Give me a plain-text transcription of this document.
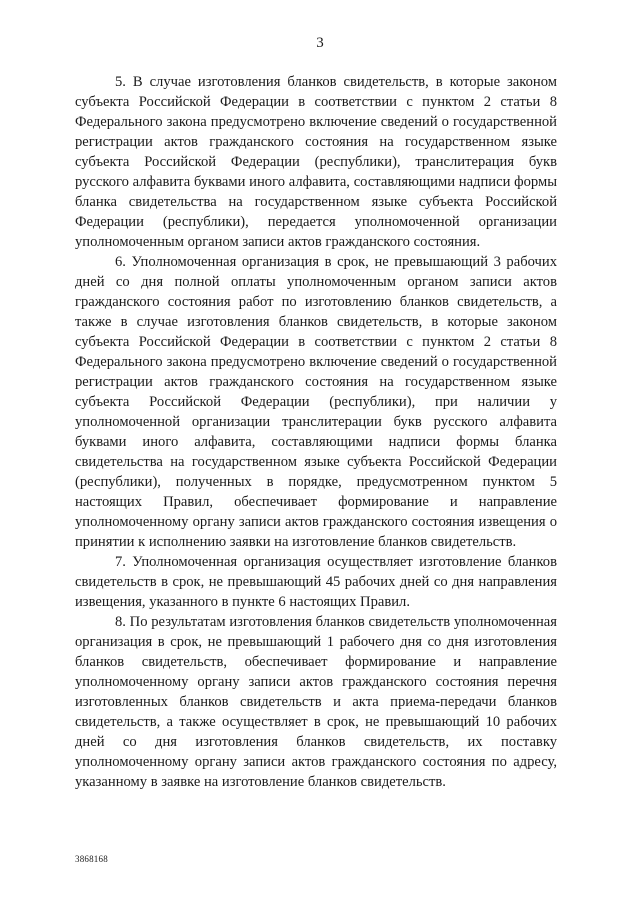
3

5. В случае изготовления бланков свидетельств, в которые законом субъекта Российской Федерации в соответствии с пунктом 2 статьи 8 Федерального закона предусмотрено включение сведений о государственной регистрации актов гражданского состояния на государственном языке субъекта Российской Федерации (республики), транслитерация букв русского алфавита буквами иного алфавита, составляющими надписи формы бланка свидетельства на государственном языке субъекта Российской Федерации (республики), передается уполномоченной организации уполномоченным органом записи актов гражданского состояния.

6. Уполномоченная организация в срок, не превышающий 3 рабочих дней со дня полной оплаты уполномоченным органом записи актов гражданского состояния работ по изготовлению бланков свидетельств, а также в случае изготовления бланков свидетельств, в которые законом субъекта Российской Федерации в соответствии с пунктом 2 статьи 8 Федерального закона предусмотрено включение сведений о государственной регистрации актов гражданского состояния на государственном языке субъекта Российской Федерации (республики), при наличии у уполномоченной организации транслитерации букв русского алфавита буквами иного алфавита, составляющими надписи формы бланка свидетельства на государственном языке субъекта Российской Федерации (республики), полученных в порядке, предусмотренном пунктом 5 настоящих Правил, обеспечивает формирование и направление уполномоченному органу записи актов гражданского состояния извещения о принятии к исполнению заявки на изготовление бланков свидетельств.

7. Уполномоченная организация осуществляет изготовление бланков свидетельств в срок, не превышающий 45 рабочих дней со дня направления извещения, указанного в пункте 6 настоящих Правил.

8. По результатам изготовления бланков свидетельств уполномоченная организация в срок, не превышающий 1 рабочего дня со дня изготовления бланков свидетельств, обеспечивает формирование и направление уполномоченному органу записи актов гражданского состояния перечня изготовленных бланков свидетельств и акта приема-передачи бланков свидетельств, а также осуществляет в срок, не превышающий 10 рабочих дней со дня изготовления бланков свидетельств, их поставку уполномоченному органу записи актов гражданского состояния по адресу, указанному в заявке на изготовление бланков свидетельств.

3868168
